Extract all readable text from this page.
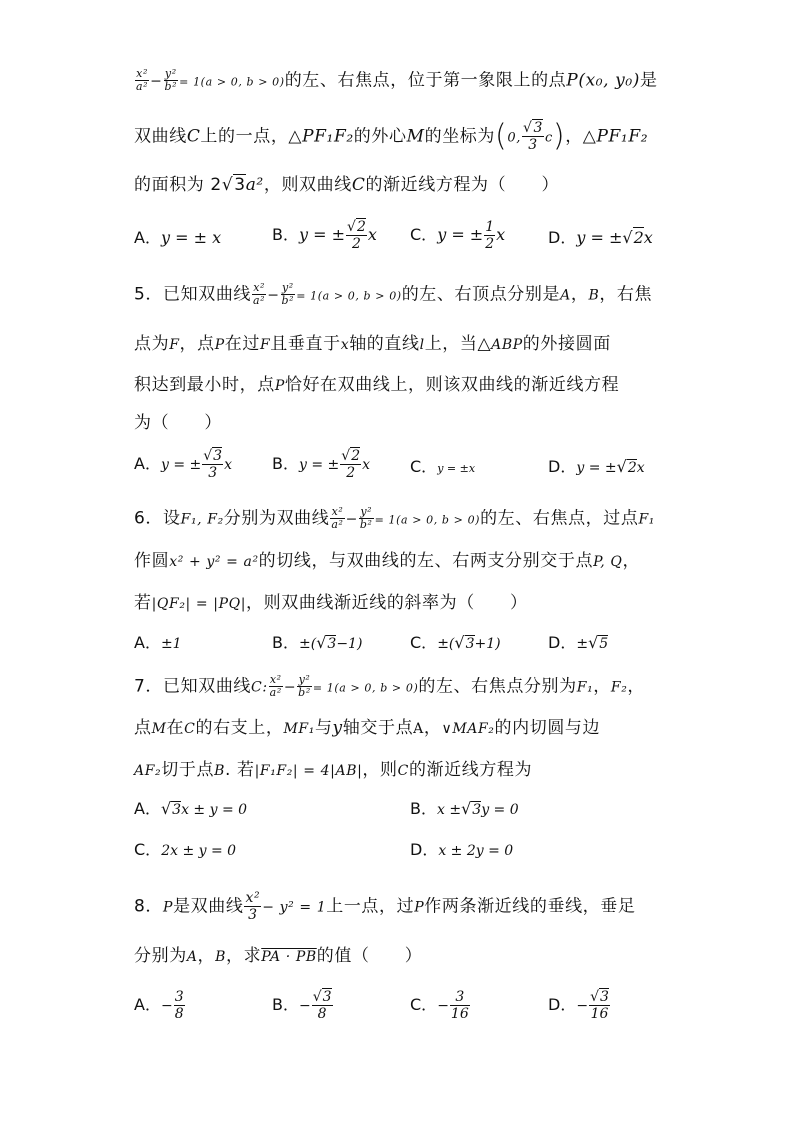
$\frac{\text{x²}}{\text{a²}} - \frac{\text{y²}}{\text{b²}} = 1(a > 0$, b > 0)的左、右焦点，位于第一象限上的点P(x₀, y₀)是
双曲线C上的一点，△PF₁F₂的外心M的坐标为(0, $\frac{√3}{3} c$)，△PF₁F₂
的面积为 2√3a²，则双曲线C的渐近线方程为（　　）
A．y = ± x	B．y = ± $\frac{√2}{2}$ x C．y = ± $\frac{1}{2}$ x	D．y = ±√2x
5．已知双曲线 $\frac{\text{x²}}{\text{a²}} - \frac{\text{y²}}{\text{b²}} = 1(a > 0$, b > 0)的左、右顶点分别是A，B，右焦
点为F，点P在过F且垂直于x轴的直线l上，当△ABP的外接圆面
积达到最小时，点P恰好在双曲线上，则该双曲线的渐近线方程
为（　　）
A．y = ± $\frac{√3}{3}$ x	B．y = ± $\frac{√2}{2}$ x C．y = ±x	D．y = ±√2x
6．设F₁, F₂分别为双曲线 $\frac{\text{x²}}{\text{a²}} - \frac{\text{y²}}{\text{b²}} = 1(a > 0$, b > 0)的左、右焦点，过点F₁
作圆x² + y² = a²的切线，与双曲线的左、右两支分别交于点P, Q，
若|QF₂| = |PQ|，则双曲线渐近线的斜率为（　　）
A．±1	B．±(√3−1)	C．±(√3+1)	D．±√5
7．已知双曲线C: $\frac{\text{x²}}{\text{a²}} - \frac{\text{y²}}{\text{b²}} = 1(a > 0$, b > 0)的左、右焦点分别为F₁，F₂，
点M在C的右支上，MF₁与y轴交于点A，∨MAF₂的内切圆与边
AF₂切于点B. 若|F₁F₂| = 4|AB|，则C的渐近线方程为
A．√3x ± y = 0	B．x ±√3y = 0
C．2x ± y = 0	D．x ± 2y = 0
8．P是双曲线 $\frac{\text{x²}}{3} - y^2 = 1$上一点，过P作两条渐近线的垂线，垂足
分别为A，B，求PA · PB的值（　　）
A．− $\frac{3}{8}$	B．− $\frac{√3}{8}$	C．− $\frac{3}{16}$	D．− $\frac{√3}{16}$
